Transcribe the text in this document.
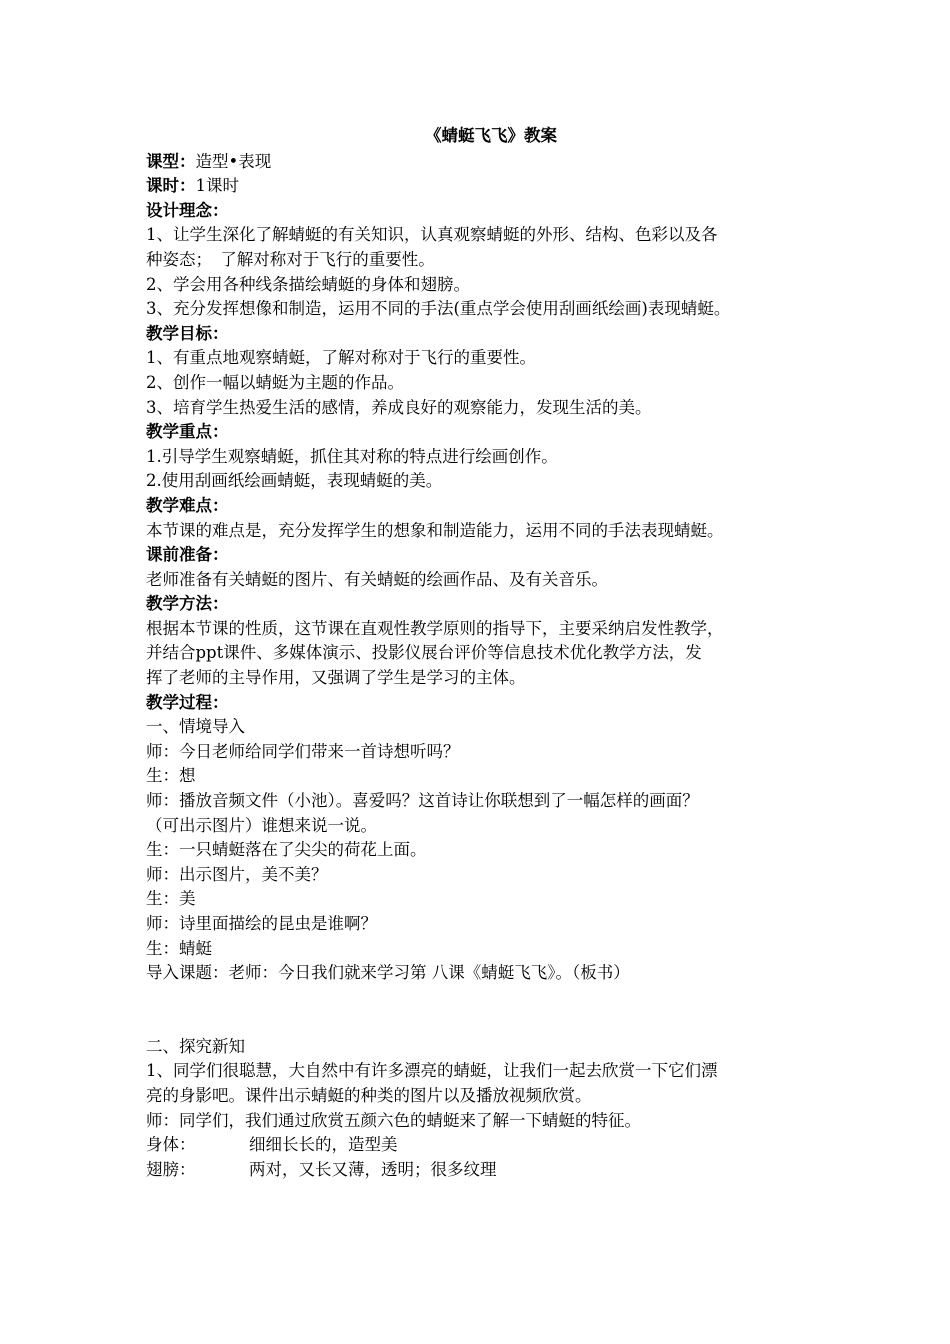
《蜻蜓飞飞》教案

课型：造型•表现

课时：1课时

设计理念：

1、让学生深化了解蜻蜓的有关知识，认真观察蜻蜓的外形、结构、色彩以及各

种姿态；　了解对称对于飞行的重要性。

2、学会用各种线条描绘蜻蜓的身体和翅膀。

3、充分发挥想像和制造，运用不同的手法(重点学会使用刮画纸绘画)表现蜻蜓。

教学目标：

1、有重点地观察蜻蜓，了解对称对于飞行的重要性。

2、创作一幅以蜻蜓为主题的作品。

3、培育学生热爱生活的感情，养成良好的观察能力，发现生活的美。

教学重点：

1.引导学生观察蜻蜓，抓住其对称的特点进行绘画创作。

2.使用刮画纸绘画蜻蜓，表现蜻蜓的美。

教学难点：

本节课的难点是，充分发挥学生的想象和制造能力，运用不同的手法表现蜻蜓。

课前准备：

老师准备有关蜻蜓的图片、有关蜻蜓的绘画作品、及有关音乐。

教学方法：

根据本节课的性质，这节课在直观性教学原则的指导下，主要采纳启发性教学，

并结合ppt课件、多媒体演示、投影仪展台评价等信息技术优化教学方法，发

挥了老师的主导作用，又强调了学生是学习的主体。

教学过程：

一、情境导入

师：今日老师给同学们带来一首诗想听吗？

生：想

师：播放音频文件（小池）。喜爱吗？这首诗让你联想到了一幅怎样的画面？

（可出示图片）谁想来说一说。

生：一只蜻蜓落在了尖尖的荷花上面。

师：出示图片，美不美？

生：美

师：诗里面描绘的昆虫是谁啊？

生：蜻蜓

导入课题：老师：今日我们就来学习第 八课《蜻蜓飞飞》。（板书）

二、探究新知

1、同学们很聪慧，大自然中有许多漂亮的蜻蜓，让我们一起去欣赏一下它们漂

亮的身影吧。课件出示蜻蜓的种类的图片以及播放视频欣赏。

师：同学们，我们通过欣赏五颜六色的蜻蜓来了解一下蜻蜓的特征。

身体：	细细长长的，造型美
翅膀：	两对，又长又薄，透明；很多纹理
